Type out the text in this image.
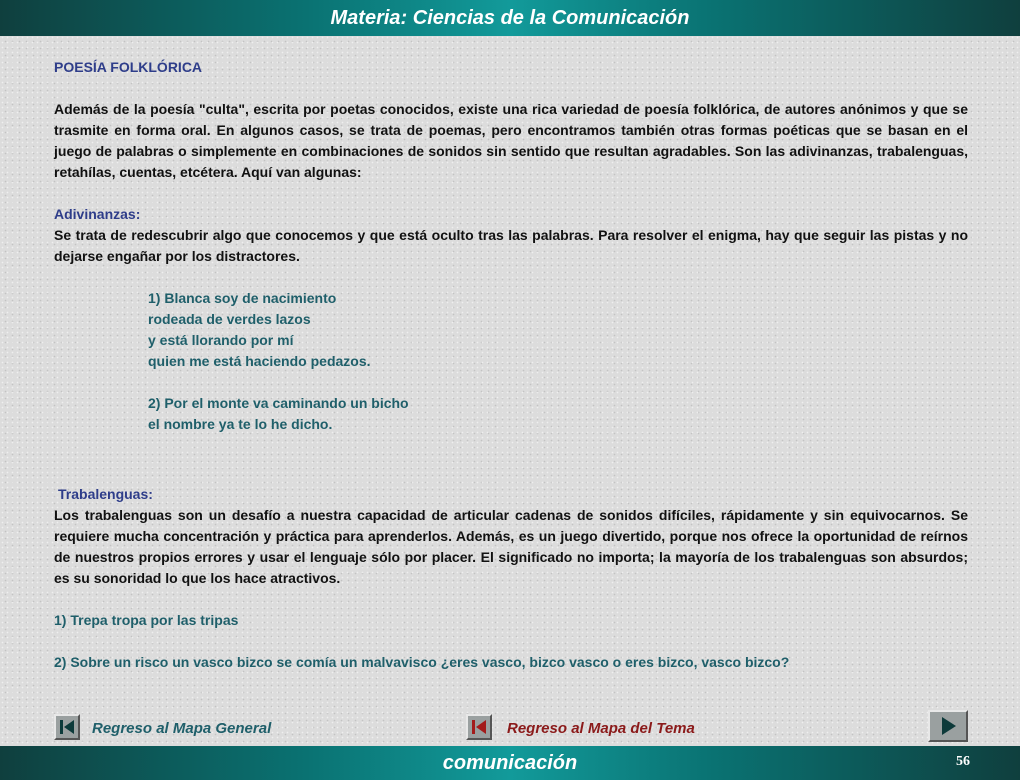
Materia: Ciencias de la Comunicación
POESÍA FOLKLÓRICA

Además de la poesía "culta", escrita por poetas conocidos, existe una rica variedad de poesía folklórica, de autores anónimos y que se trasmite en forma oral. En algunos casos, se trata de poemas, pero encontramos también otras formas poéticas que se basan en el juego de palabras o simplemente en combinaciones de sonidos sin sentido que resultan agradables. Son las adivinanzas, trabalenguas, retahílas, cuentas, etcétera. Aquí van algunas:

Adivinanzas:

Se trata de redescubrir algo que conocemos y que está oculto tras las palabras. Para resolver el enigma, hay que seguir las pistas y no dejarse engañar por los distractores.

1) Blanca soy de nacimiento
rodeada de verdes lazos
y está llorando por mí
quien me está haciendo pedazos.
2) Por el monte va caminando un bicho
el nombre ya te lo he dicho.
Trabalenguas:

Los trabalenguas son un desafío a nuestra capacidad de articular cadenas de sonidos difíciles, rápidamente y sin equivocarnos. Se requiere mucha concentración y práctica para aprenderlos. Además, es un juego divertido, porque nos ofrece la oportunidad de reírnos de nuestros propios errores y usar el lenguaje sólo por placer. El significado no importa; la mayoría de los trabalenguas son absurdos; es su sonoridad lo que los hace atractivos.

1) Trepa tropa por las tripas
2) Sobre un risco un vasco bizco se comía un malvavisco ¿eres vasco, bizco vasco o eres bizco, vasco bizco?
Regreso al Mapa General	Regreso al Mapa del Tema
comunicación	56
